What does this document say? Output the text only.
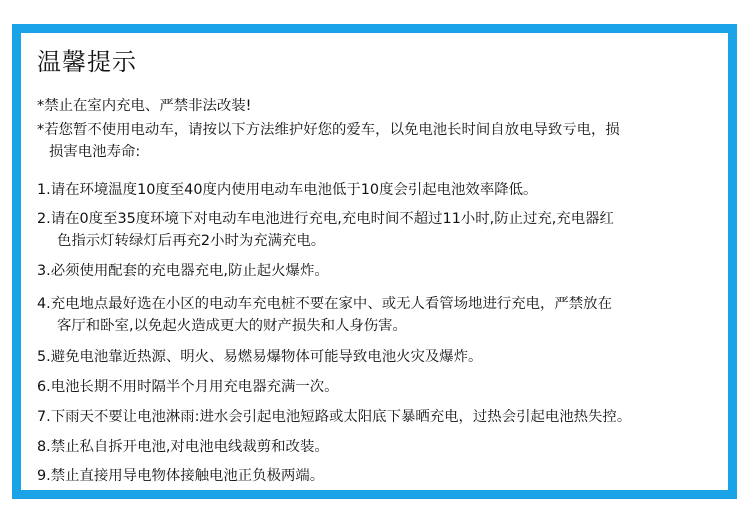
温馨提示
*禁止在室内充电、严禁非法改装!
*若您暂不使用电动车，请按以下方法维护好您的爱车，以免电池长时间自放电导致亏电，损
损害电池寿命:
1.请在环境温度10度至40度内使用电动车电池低于10度会引起电池效率降低。
2.请在0度至35度环境下对电动车电池进行充电,充电时间不超过11小时,防止过充,充电器红
色指示灯转绿灯后再充2小时为充满充电。
3.必须使用配套的充电器充电,防止起火爆炸。
4.充电地点最好选在小区的电动车充电桩不要在家中、或无人看管场地进行充电，严禁放在
客厅和卧室,以免起火造成更大的财产损失和人身伤害。
5.避免电池靠近热源、明火、易燃易爆物体可能导致电池火灾及爆炸。
6.电池长期不用时隔半个月用充电器充满一次。
7.下雨天不要让电池淋雨:进水会引起电池短路或太阳底下暴晒充电，过热会引起电池热失控。
8.禁止私自拆开电池,对电池电线裁剪和改装。
9.禁止直接用导电物体接触电池正负极两端。
